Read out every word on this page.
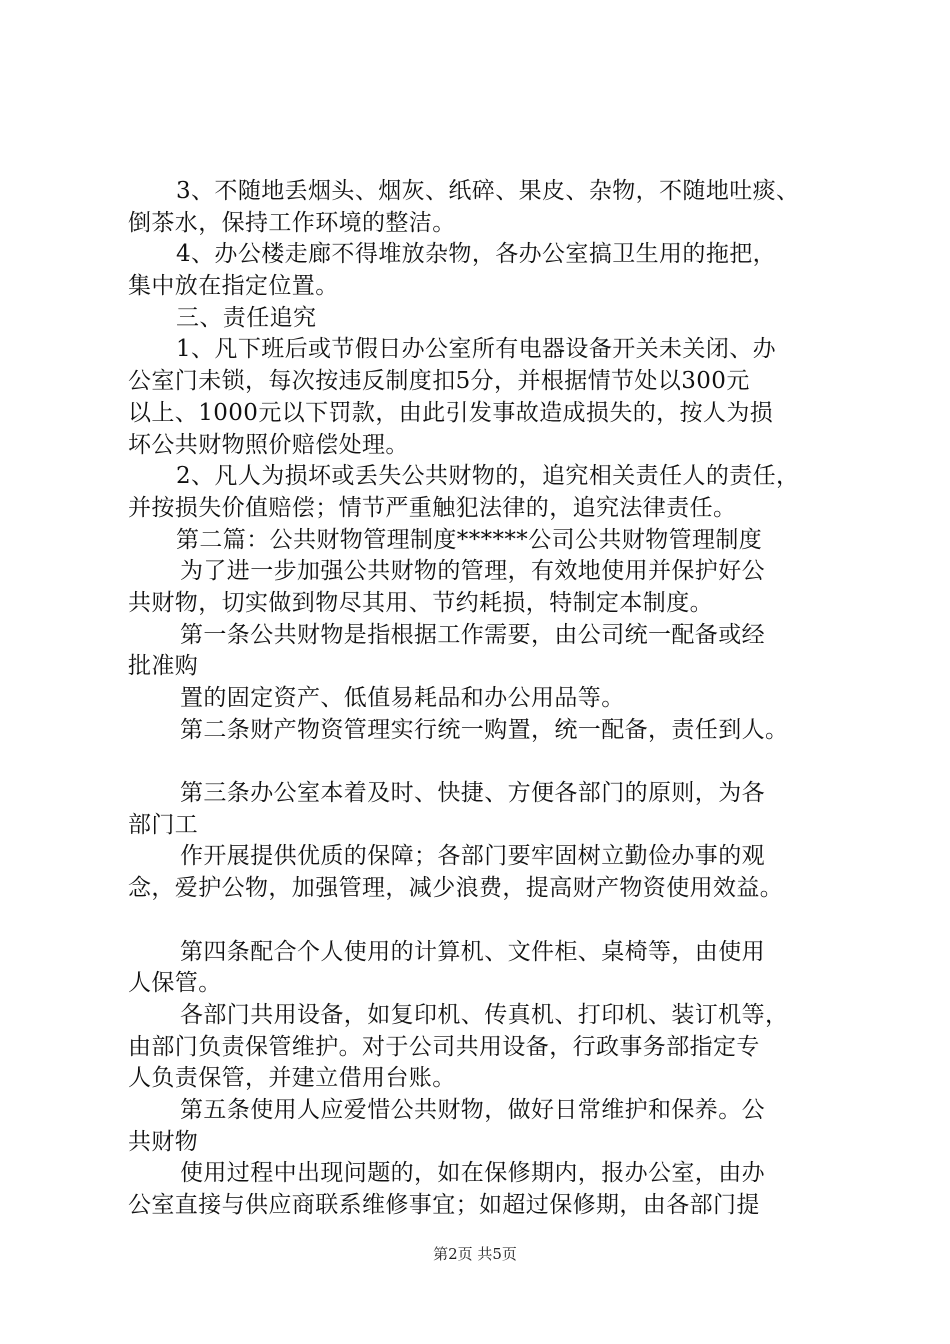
3、不随地丢烟头、烟灰、纸碎、果皮、杂物，不随地吐痰、
倒茶水，保持工作环境的整洁。
4、办公楼走廊不得堆放杂物，各办公室搞卫生用的拖把，
集中放在指定位置。
三、责任追究
1、凡下班后或节假日办公室所有电器设备开关未关闭、办
公室门未锁，每次按违反制度扣5分，并根据情节处以300元
以上、1000元以下罚款，由此引发事故造成损失的，按人为损
坏公共财物照价赔偿处理。
2、凡人为损坏或丢失公共财物的，追究相关责任人的责任，
并按损失价值赔偿；情节严重触犯法律的，追究法律责任。
第二篇：公共财物管理制度******公司公共财物管理制度
为了进一步加强公共财物的管理，有效地使用并保护好公
共财物，切实做到物尽其用、节约耗损，特制定本制度。
第一条公共财物是指根据工作需要，由公司统一配备或经
批准购
置的固定资产、低值易耗品和办公用品等。
第二条财产物资管理实行统一购置，统一配备，责任到人。
第三条办公室本着及时、快捷、方便各部门的原则，为各
部门工
作开展提供优质的保障；各部门要牢固树立勤俭办事的观
念，爱护公物，加强管理，减少浪费，提高财产物资使用效益。
第四条配合个人使用的计算机、文件柜、桌椅等，由使用
人保管。
各部门共用设备，如复印机、传真机、打印机、装订机等，
由部门负责保管维护。对于公司共用设备，行政事务部指定专
人负责保管，并建立借用台账。
第五条使用人应爱惜公共财物，做好日常维护和保养。公
共财物
使用过程中出现问题的，如在保修期内，报办公室，由办
公室直接与供应商联系维修事宜；如超过保修期，由各部门提
第2页 共5页
